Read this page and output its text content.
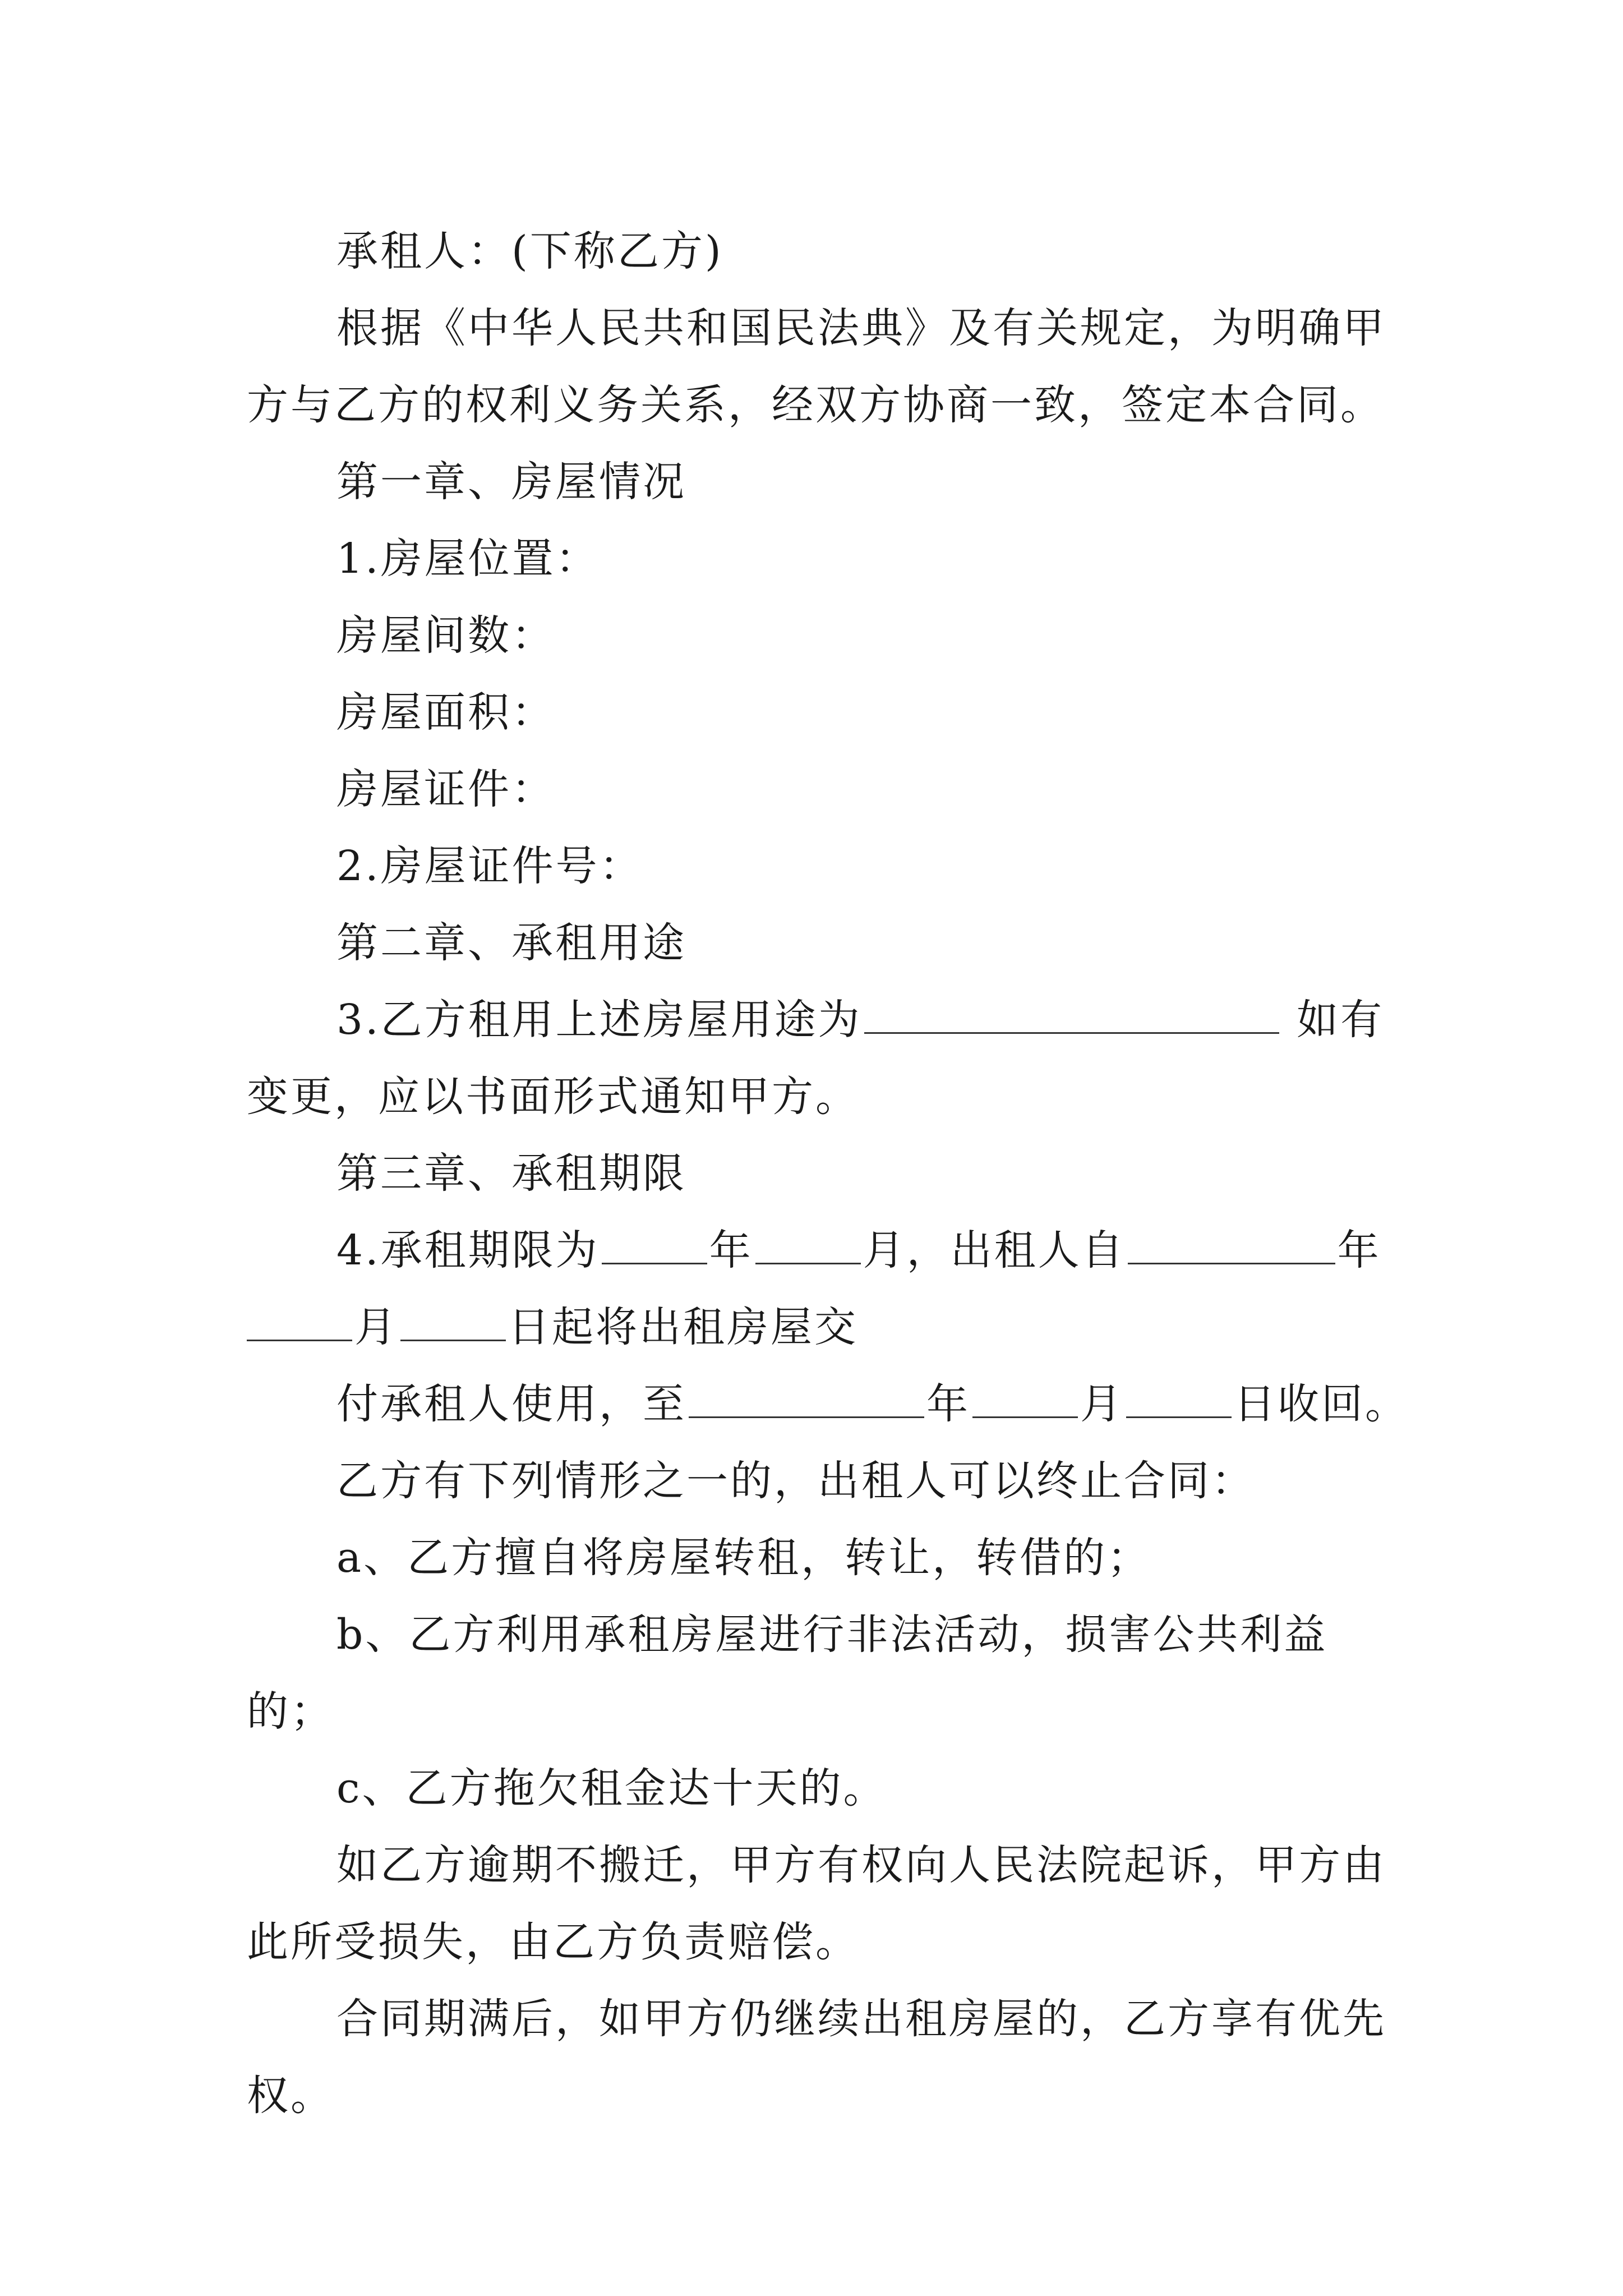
承租人：(下称乙方)

根据《中华人民共和国民法典》及有关规定，为明确甲方与乙方的权利义务关系，经双方协商一致，签定本合同。

第一章、房屋情况

1.房屋位置：

房屋间数：

房屋面积：

房屋证件：

2.房屋证件号：

第二章、承租用途

3.乙方租用上述房屋用途为	如有变更，应以书面形式通知甲方。

第三章、承租期限

4.承租期限为	年	月，出租人自	年月	日起将出租房屋交

付承租人使用，至	年	月	日收回。

乙方有下列情形之一的，出租人可以终止合同：

a、乙方擅自将房屋转租，转让，转借的；

b、乙方利用承租房屋进行非法活动，损害公共利益的；

c、乙方拖欠租金达十天的。

如乙方逾期不搬迁，甲方有权向人民法院起诉，甲方由此所受损失，由乙方负责赔偿。

合同期满后，如甲方仍继续出租房屋的，乙方享有优先权。
